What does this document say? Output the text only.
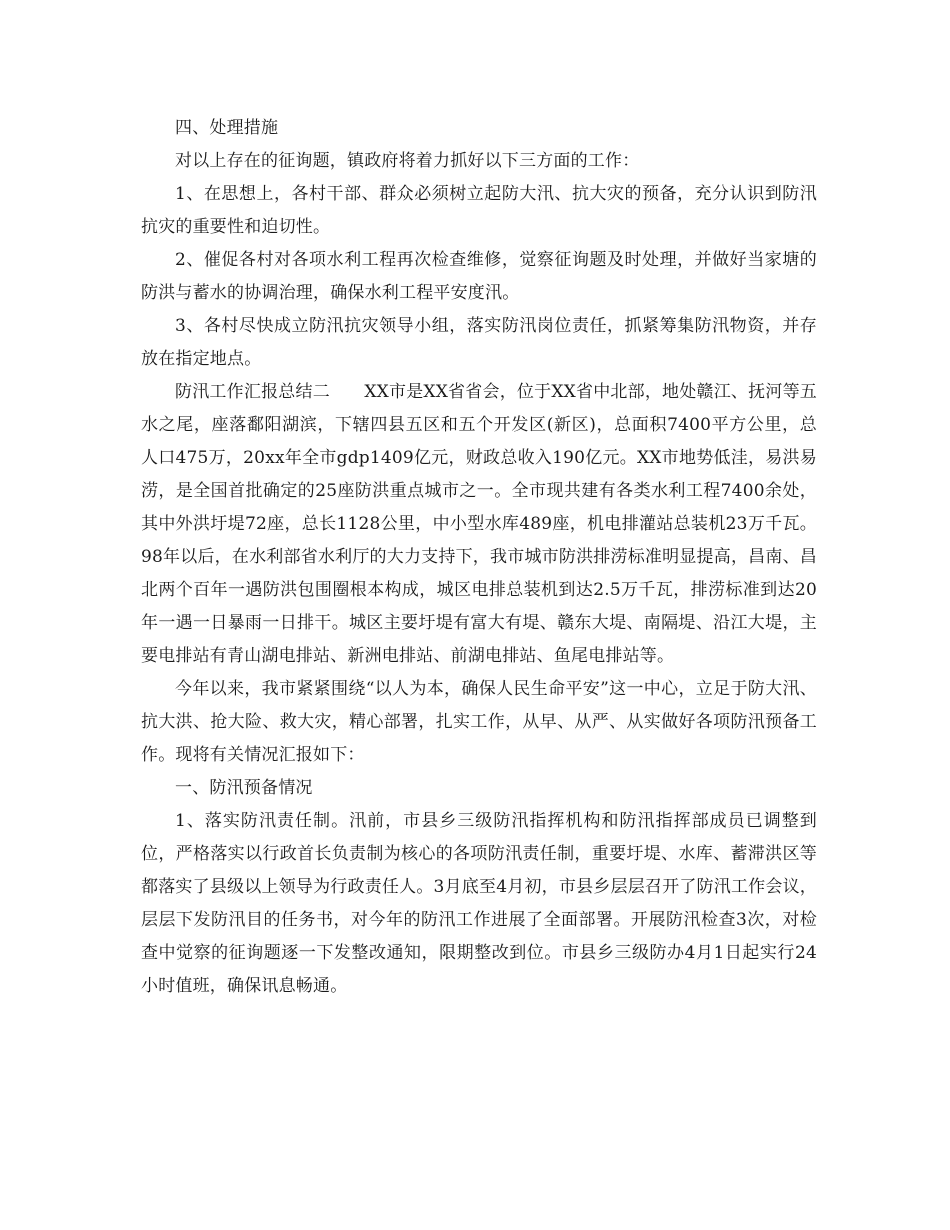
四、处理措施

对以上存在的征询题，镇政府将着力抓好以下三方面的工作：

1、在思想上，各村干部、群众必须树立起防大汛、抗大灾的预备，充分认识到防汛抗灾的重要性和迫切性。

2、催促各村对各项水利工程再次检查维修，觉察征询题及时处理，并做好当家塘的防洪与蓄水的协调治理，确保水利工程平安度汛。

3、各村尽快成立防汛抗灾领导小组，落实防汛岗位责任，抓紧筹集防汛物资，并存放在指定地点。

防汛工作汇报总结二　　XX市是XX省省会，位于XX省中北部，地处赣江、抚河等五水之尾，座落鄱阳湖滨，下辖四县五区和五个开发区(新区)，总面积7400平方公里，总人口475万，20xx年全市gdp1409亿元，财政总收入190亿元。XX市地势低洼，易洪易涝，是全国首批确定的25座防洪重点城市之一。全市现共建有各类水利工程7400余处，其中外洪圩堤72座，总长1128公里，中小型水库489座，机电排灌站总装机23万千瓦。98年以后，在水利部省水利厅的大力支持下，我市城市防洪排涝标准明显提高，昌南、昌北两个百年一遇防洪包围圈根本构成，城区电排总装机到达2.5万千瓦，排涝标准到达20年一遇一日暴雨一日排干。城区主要圩堤有富大有堤、赣东大堤、南隔堤、沿江大堤，主要电排站有青山湖电排站、新洲电排站、前湖电排站、鱼尾电排站等。

今年以来，我市紧紧围绕“以人为本，确保人民生命平安”这一中心，立足于防大汛、抗大洪、抢大险、救大灾，精心部署，扎实工作，从早、从严、从实做好各项防汛预备工作。现将有关情况汇报如下：

一、防汛预备情况

1、落实防汛责任制。汛前，市县乡三级防汛指挥机构和防汛指挥部成员已调整到位，严格落实以行政首长负责制为核心的各项防汛责任制，重要圩堤、水库、蓄滞洪区等都落实了县级以上领导为行政责任人。3月底至4月初，市县乡层层召开了防汛工作会议，层层下发防汛目的任务书，对今年的防汛工作进展了全面部署。开展防汛检查3次，对检查中觉察的征询题逐一下发整改通知，限期整改到位。市县乡三级防办4月1日起实行24小时值班，确保讯息畅通。
